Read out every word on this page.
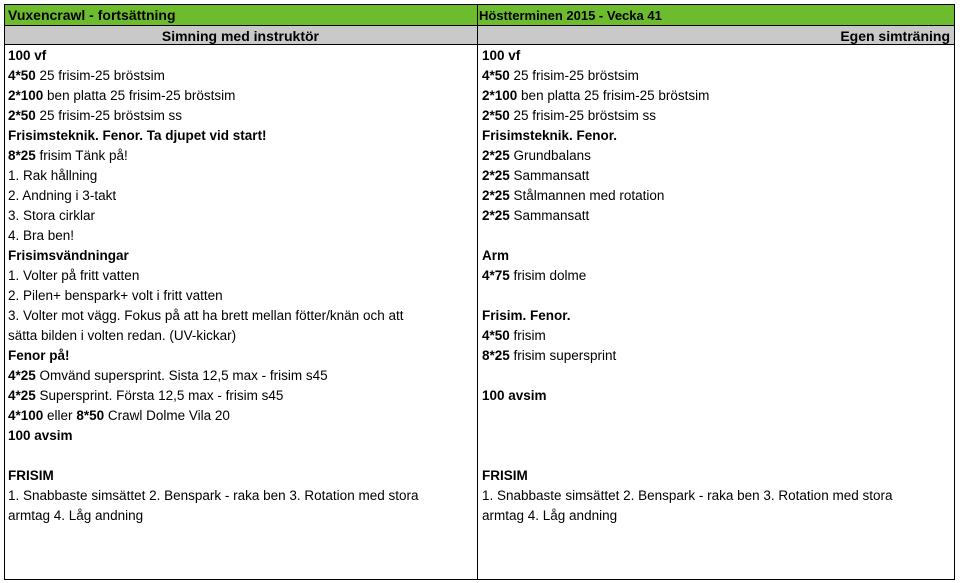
Vuxencrawl - fortsättning	Höstterminen 2015 - Vecka 41
Simning med instruktör	Egen simträning
100 vf
4*50 25 frisim-25 bröstsim
2*100 ben platta 25 frisim-25 bröstsim
2*50 25 frisim-25 bröstsim ss
Frisimsteknik. Fenor. Ta djupet vid start!
8*25 frisim Tänk på!
1. Rak hållning
2. Andning i 3-takt
3. Stora cirklar
4. Bra ben!
Frisimsvändningar
1. Volter på fritt vatten
2. Pilen+ benspark+ volt i fritt vatten
3. Volter mot vägg. Fokus på att ha brett mellan fötter/knän och att
sätta bilden i volten redan. (UV-kickar)
Fenor på!
4*25 Omvänd supersprint. Sista 12,5 max - frisim s45
4*25 Supersprint. Första 12,5 max - frisim s45
4*100 eller 8*50 Crawl Dolme Vila 20
100 avsim
FRISIM
1. Snabbaste simsättet 2. Benspark - raka ben 3. Rotation med stora
armtag 4. Låg andning
100 vf
4*50 25 frisim-25 bröstsim
2*100 ben platta 25 frisim-25 bröstsim
2*50 25 frisim-25 bröstsim ss
Frisimsteknik. Fenor.
2*25 Grundbalans
2*25 Sammansatt
2*25 Stålmannen med rotation
2*25 Sammansatt
Arm
4*75 frisim dolme
Frisim. Fenor.
4*50 frisim
8*25 frisim supersprint
100 avsim
FRISIM
1. Snabbaste simsättet 2. Benspark - raka ben 3. Rotation med stora
armtag 4. Låg andning
